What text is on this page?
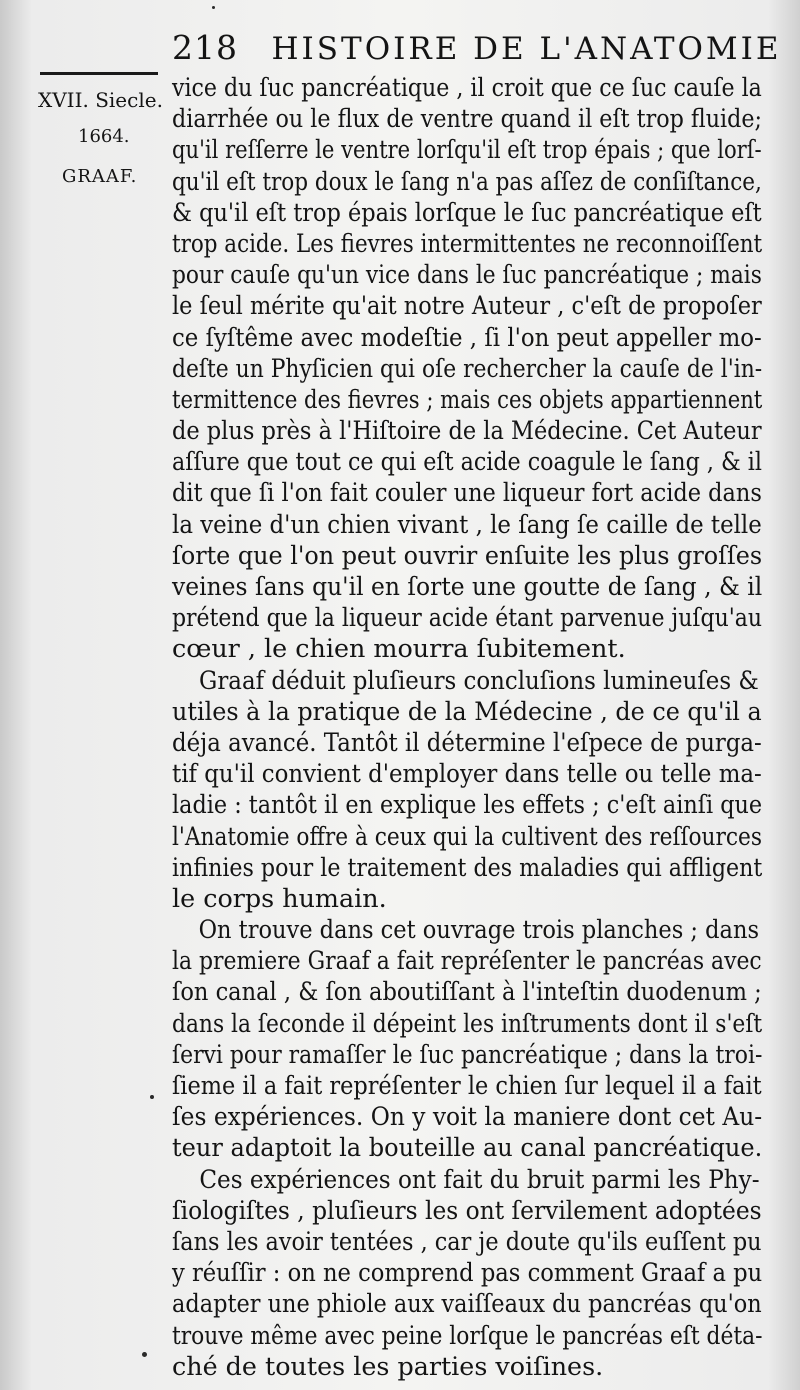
218 HISTOIRE DE L'ANATOMIE
XVII. Siecle.
1664.
GRAAF.
vice du ſuc pancréatique , il croit que ce ſuc cauſe la
diarrhée ou le flux de ventre quand il eſt trop fluide;
qu'il reſſerre le ventre lorſqu'il eſt trop épais ; que lorſ-
qu'il eſt trop doux le ſang n'a pas aſſez de conſiſtance,
& qu'il eſt trop épais lorſque le ſuc pancréatique eſt
trop acide. Les fievres intermittentes ne reconnoiſſent
pour cauſe qu'un vice dans le ſuc pancréatique ; mais
le ſeul mérite qu'ait notre Auteur , c'eſt de propoſer
ce ſyſtême avec modeſtie , ſi l'on peut appeller mo-
deſte un Phyſicien qui oſe rechercher la cauſe de l'in-
termittence des fievres ; mais ces objets appartiennent
de plus près à l'Hiſtoire de la Médecine. Cet Auteur
aſſure que tout ce qui eſt acide coagule le ſang , & il
dit que ſi l'on fait couler une liqueur fort acide dans
la veine d'un chien vivant , le ſang ſe caille de telle
ſorte que l'on peut ouvrir enſuite les plus groſſes
veines ſans qu'il en ſorte une goutte de ſang , & il
prétend que la liqueur acide étant parvenue juſqu'au
cœur , le chien mourra ſubitement.
Graaf déduit pluſieurs concluſions lumineuſes &
utiles à la pratique de la Médecine , de ce qu'il a
déja avancé. Tantôt il détermine l'eſpece de purga-
tif qu'il convient d'employer dans telle ou telle ma-
ladie : tantôt il en explique les effets ; c'eſt ainſi que
l'Anatomie offre à ceux qui la cultivent des reſſources
infinies pour le traitement des maladies qui affligent
le corps humain.
On trouve dans cet ouvrage trois planches ; dans
la premiere Graaf a fait repréſenter le pancréas avec
ſon canal , & ſon aboutiſſant à l'inteſtin duodenum ;
dans la ſeconde il dépeint les inſtruments dont il s'eſt
ſervi pour ramaſſer le ſuc pancréatique ; dans la troi-
ſieme il a fait repréſenter le chien ſur lequel il a fait
ſes expériences. On y voit la maniere dont cet Au-
teur adaptoit la bouteille au canal pancréatique.
Ces expériences ont fait du bruit parmi les Phy-
ſiologiſtes , pluſieurs les ont ſervilement adoptées
ſans les avoir tentées , car je doute qu'ils euſſent pu
y réuſſir : on ne comprend pas comment Graaf a pu
adapter une phiole aux vaiſſeaux du pancréas qu'on
trouve même avec peine lorſque le pancréas eſt déta-
ché de toutes les parties voiſines.
